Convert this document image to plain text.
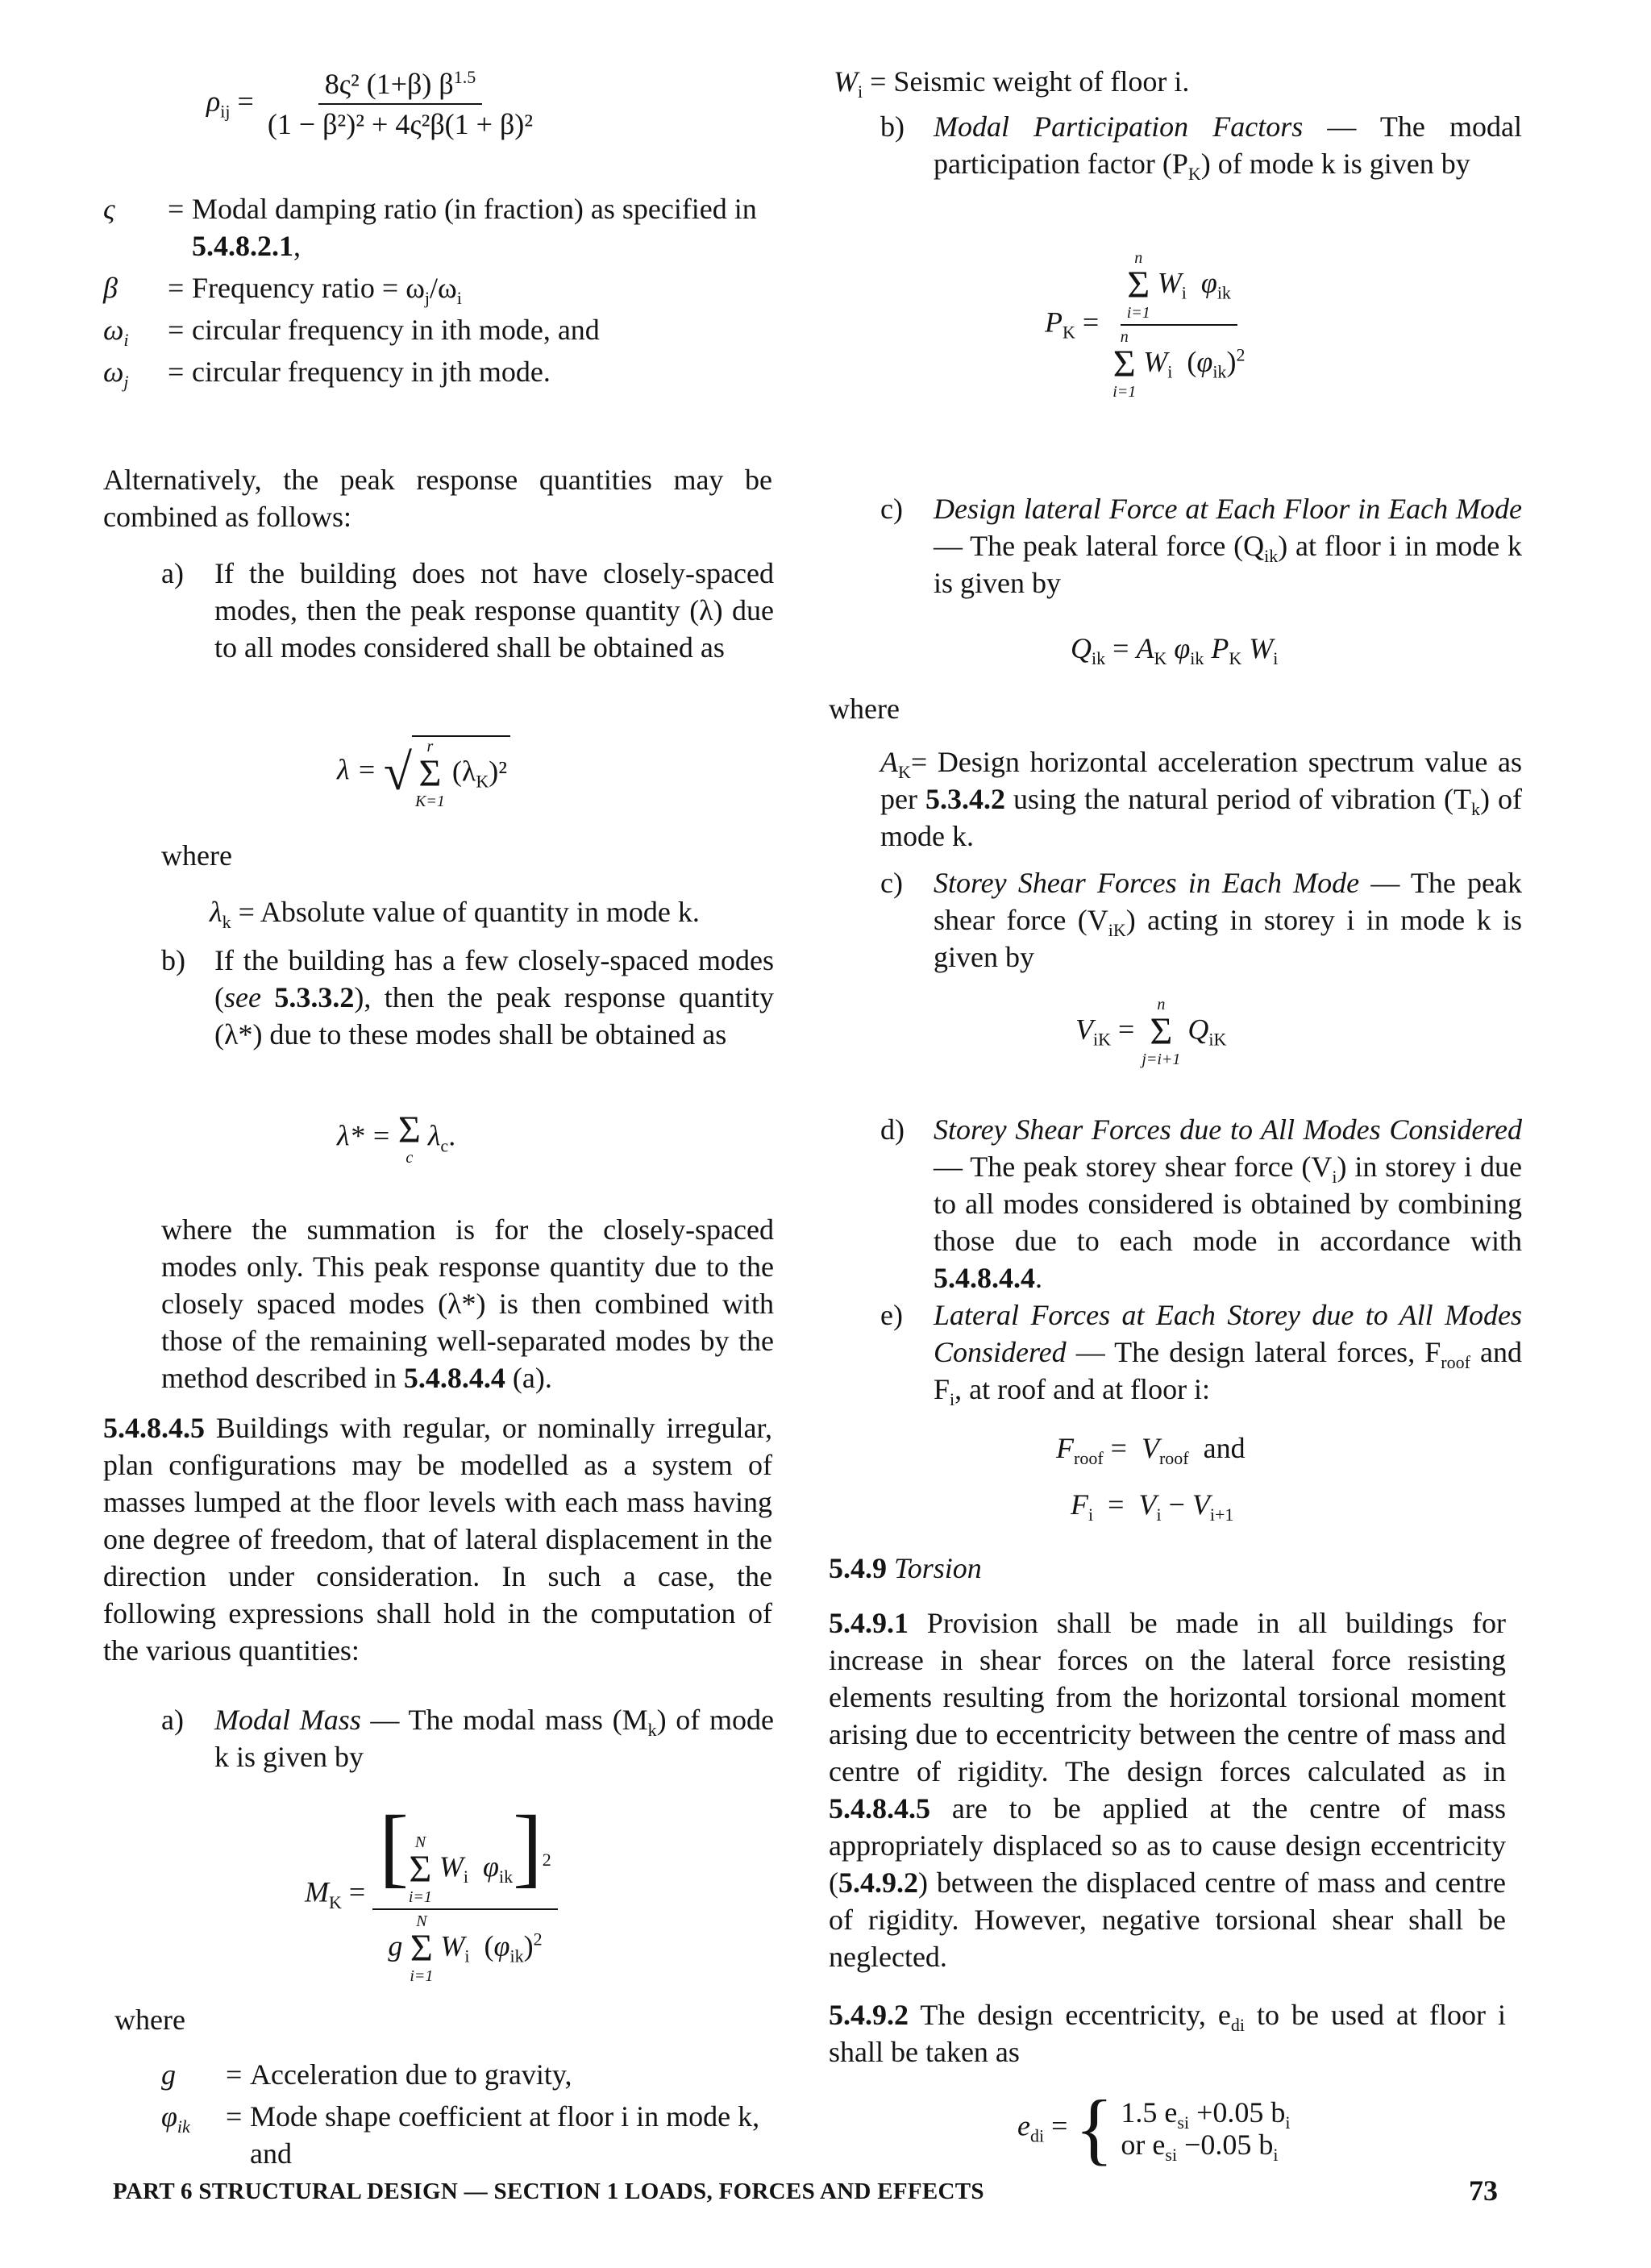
$\rho_{ij} = \frac{8\varsigma^2 (1+\beta) \beta^{1.5}}{\text{(1 − β²)² + 4ς²β(1 + β)²}}$
ς	= Modal damping ratio (in fraction) as specified in 5.4.8.2.1,
β	= Frequency ratio = $\omega_j/\omega_i$
$\omega_i$	= circular frequency in ith mode, and
$\omega_j$	= circular frequency in jth mode.

Alternatively, the peak response quantities may be combined as follows:

a)	If the building does not have closely-spaced modes, then the peak response quantity (λ) due to all modes considered shall be obtained as
λ = √ r
Σ
K=1
$(\lambda_K)^2$

where

$\lambda_k$ = Absolute value of quantity in mode k.
b)	If the building has a few closely-spaced modes (see 5.3.3.2), then the peak response quantity (λ*) due to these modes shall be obtained as
λ* = Σ
c
$\lambda_c$.

where the summation is for the closely-spaced modes only. This peak response quantity due to the closely spaced modes (λ*) is then combined with those of the remaining well-separated modes by the method described in 5.4.8.4.4 (a).

5.4.8.4.5 Buildings with regular, or nominally irregular, plan configurations may be modelled as a system of masses lumped at the floor levels with each mass having one degree of freedom, that of lateral displacement in the direction under consideration. In such a case, the following expressions shall hold in the computation of the various quantities:

a)	Modal Mass — The modal mass $(M_k)$ of mode k is given by
$M_K$ = [ N
Σ
i=1
$W_i$ $\varphi_{ik}]^2$
g
N
Σ
i=1
$W_i$  $(\varphi_{ik})^2$

where

g	= Acceleration due to gravity,
$\varphi_{ik}$	= Mode shape coefficient at floor i in mode k, and
$W_i$ = Seismic weight of floor i.
b)	Modal Participation Factors — The modal participation factor $(P_K)$ of mode k is given by
$P_K = n$
Σ
i=1
$W_i$ $\varphi_{ik}$
n
Σ
i=1
$W_i$  $(\varphi_{ik})^2$
c)	Design lateral Force at Each Floor in Each Mode — The peak lateral force $(Q_{ik})$ at floor i in mode k is given by
$Q_{ik} = A_K$ $\varphi_{ik}$ $P_K$ $W_i$

where

$A_K=$ Design horizontal acceleration spectrum value as per 5.3.4.2 using the natural period of vibration $(T_k)$ of mode k.
c)	Storey Shear Forces in Each Mode — The peak shear force $(V_{iK})$ acting in storey i in mode k is given by
$V_{iK}$ =
n
Σ
j=i+1
$Q_{iK}$
d)	Storey Shear Forces due to All Modes Considered — The peak storey shear force $(V_i)$ in storey i due to all modes considered is obtained by combining those due to each mode in accordance with 5.4.8.4.4.
e)	Lateral Forces at Each Storey due to All Modes Considered — The design lateral forces, $F_{roof}$ and $F_i$, at roof and at floor i:
$F_{roof} = V_{roof}$ and
$F_i = V_i - V_{i+1}$

5.4.9 Torsion

5.4.9.1 Provision shall be made in all buildings for increase in shear forces on the lateral force resisting elements resulting from the horizontal torsional moment arising due to eccentricity between the centre of mass and centre of rigidity. The design forces calculated as in 5.4.8.4.5 are to be applied at the centre of mass appropriately displaced so as to cause design eccentricity (5.4.9.2) between the displaced centre of mass and centre of rigidity. However, negative torsional shear shall be neglected.

5.4.9.2 The design eccentricity, $e_{di}$ to be used at floor i shall be taken as

$e_{di}$ = { 1.5 $e_{si} +0.05$ $b_i$
or $e_{si} -0.05$ $b_i$
PART 6 STRUCTURAL DESIGN — SECTION 1 LOADS, FORCES AND EFFECTS	73
